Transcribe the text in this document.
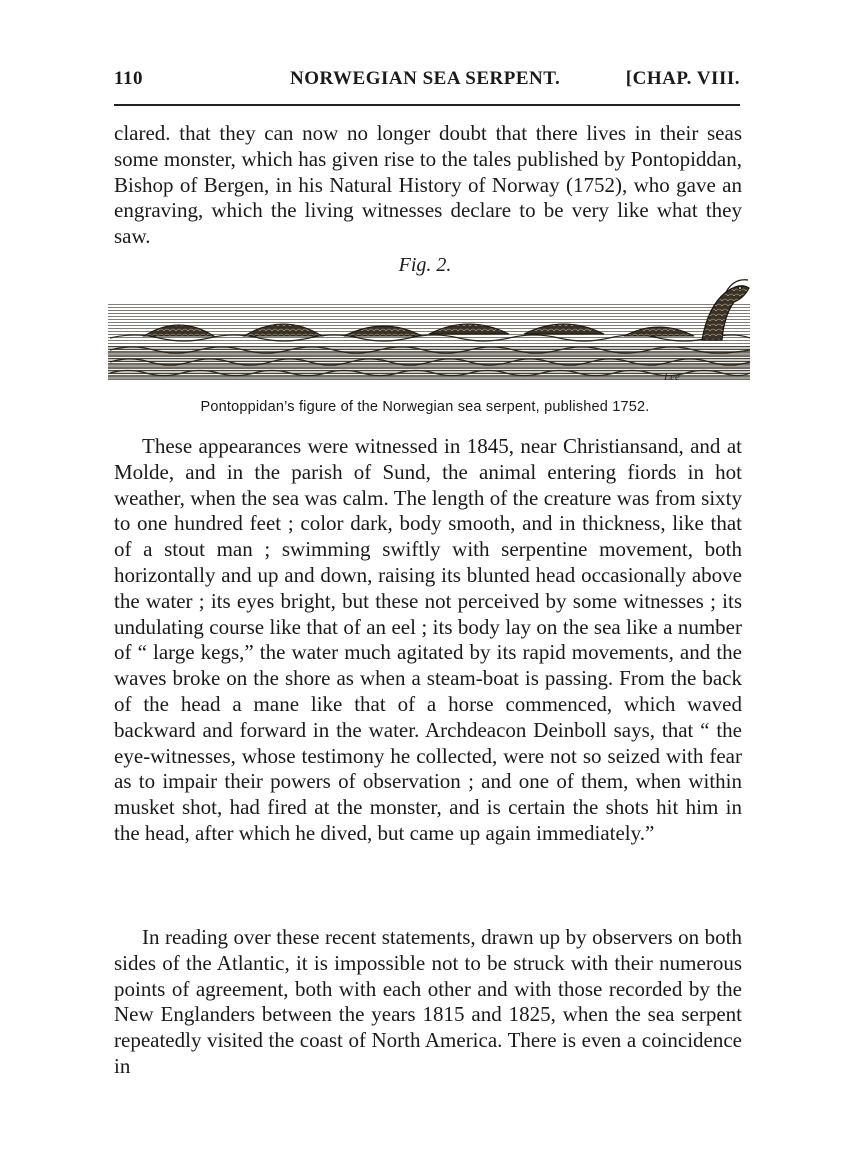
110	NORWEGIAN SEA SERPENT.	[CHAP. VIII.

clared. that they can now no longer doubt that there lives in their seas some monster, which has given rise to the tales published by Pontopiddan, Bishop of Bergen, in his Natural History of Norway (1752), who gave an engraving, which the living witnesses declare to be very like what they saw.

Fig. 2.
Lee
Pontoppidan’s figure of the Norwegian sea serpent, published 1752.

These appearances were witnessed in 1845, near Christiansand, and at Molde, and in the parish of Sund, the animal entering fiords in hot weather, when the sea was calm. The length of the creature was from sixty to one hundred feet ; color dark, body smooth, and in thickness, like that of a stout man ; swimming swiftly with serpentine movement, both horizontally and up and down, raising its blunted head occasionally above the water ; its eyes bright, but these not perceived by some witnesses ; its undulating course like that of an eel ; its body lay on the sea like a number of “ large kegs,” the water much agitated by its rapid movements, and the waves broke on the shore as when a steam-boat is passing. From the back of the head a mane like that of a horse commenced, which waved backward and forward in the water. Archdeacon Deinboll says, that “ the eye-witnesses, whose testimony he collected, were not so seized with fear as to impair their powers of observation ; and one of them, when within musket shot, had fired at the monster, and is certain the shots hit him in the head, after which he dived, but came up again immediately.”

In reading over these recent statements, drawn up by observers on both sides of the Atlantic, it is impossible not to be struck with their numerous points of agreement, both with each other and with those recorded by the New Englanders between the years 1815 and 1825, when the sea serpent repeatedly visited the coast of North America. There is even a coincidence in
